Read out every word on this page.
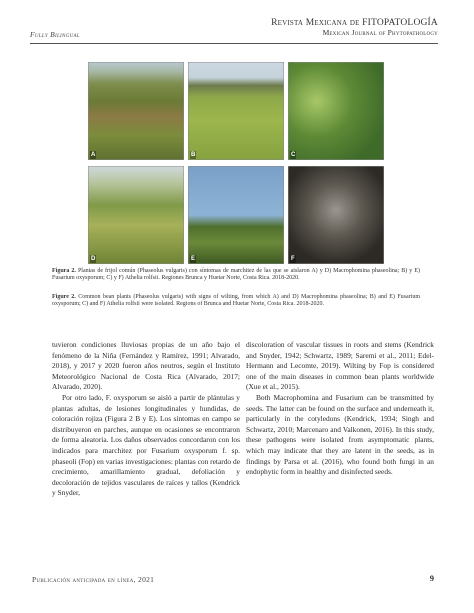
Fully Bilingual
Revista Mexicana de FITOPATOLOGÍA
Mexican Journal of Phytopathology
A	B	C
D	E	F
Figura 2. Plantas de frijol común (Phaseolus vulgaris) con síntomas de marchitez de las que se aislaron A) y D) Macrophomina phaseolina; B) y E) Fusarium oxysporum; C) y F) Athelia rolfsii. Regiones Brunca y Huetar Norte, Costa Rica. 2018-2020.
Figure 2. Common bean plants (Phaseolus vulgaris) with signs of wilting, from which A) and D) Macrophomina phaseolina; B) and E) Fusarium oxysporum; C) and F) Athelia rolfsii were isolated. Regions of Brunca and Huetar Norte, Costa Rica. 2018-2020.

tuvieron condiciones lluviosas propias de un año bajo el fenómeno de la Niña (Fernández y Ramírez, 1991; Alvarado, 2018), y 2017 y 2020 fueron años neutros, según el Instituto Meteorológico Nacional de Costa Rica (Alvarado, 2017; Alvarado, 2020).

Por otro lado, F. oxysporum se aisló a partir de plántulas y plantas adultas, de lesiones longitudinales y hundidas, de coloración rojiza (Figura 2 B y E). Los síntomas en campo se distribuyeron en parches, aunque en ocasiones se encontraron de forma aleatoria. Los daños observados concordaron con los indicados para marchitez por Fusarium oxysporum f. sp. phaseoli (Fop) en varias investigaciones: plantas con retardo de crecimiento, amarillamiento gradual, defoliación y decoloración de tejidos vasculares de raíces y tallos (Kendrick y Snyder,

discoloration of vascular tissues in roots and stems (Kendrick and Snyder, 1942; Schwartz, 1989; Saremi et al., 2011; Edel-Hermann and Lecomte, 2019). Wilting by Fop is considered one of the main diseases in common bean plants worldwide (Xue et al., 2015).

Both Macrophomina and Fusarium can be transmitted by seeds. The latter can be found on the surface and underneath it, particularly in the cotyledons (Kendrick, 1934; Singh and Schwartz, 2010; Marcenaro and Valkonen, 2016). In this study, these pathogens were isolated from asymptomatic plants, which may indicate that they are latent in the seeds, as in findings by Parsa et al. (2016), who found both fungi in an endophytic form in healthy and disinfected seeds.

Publicación anticipada en línea, 2021	9
